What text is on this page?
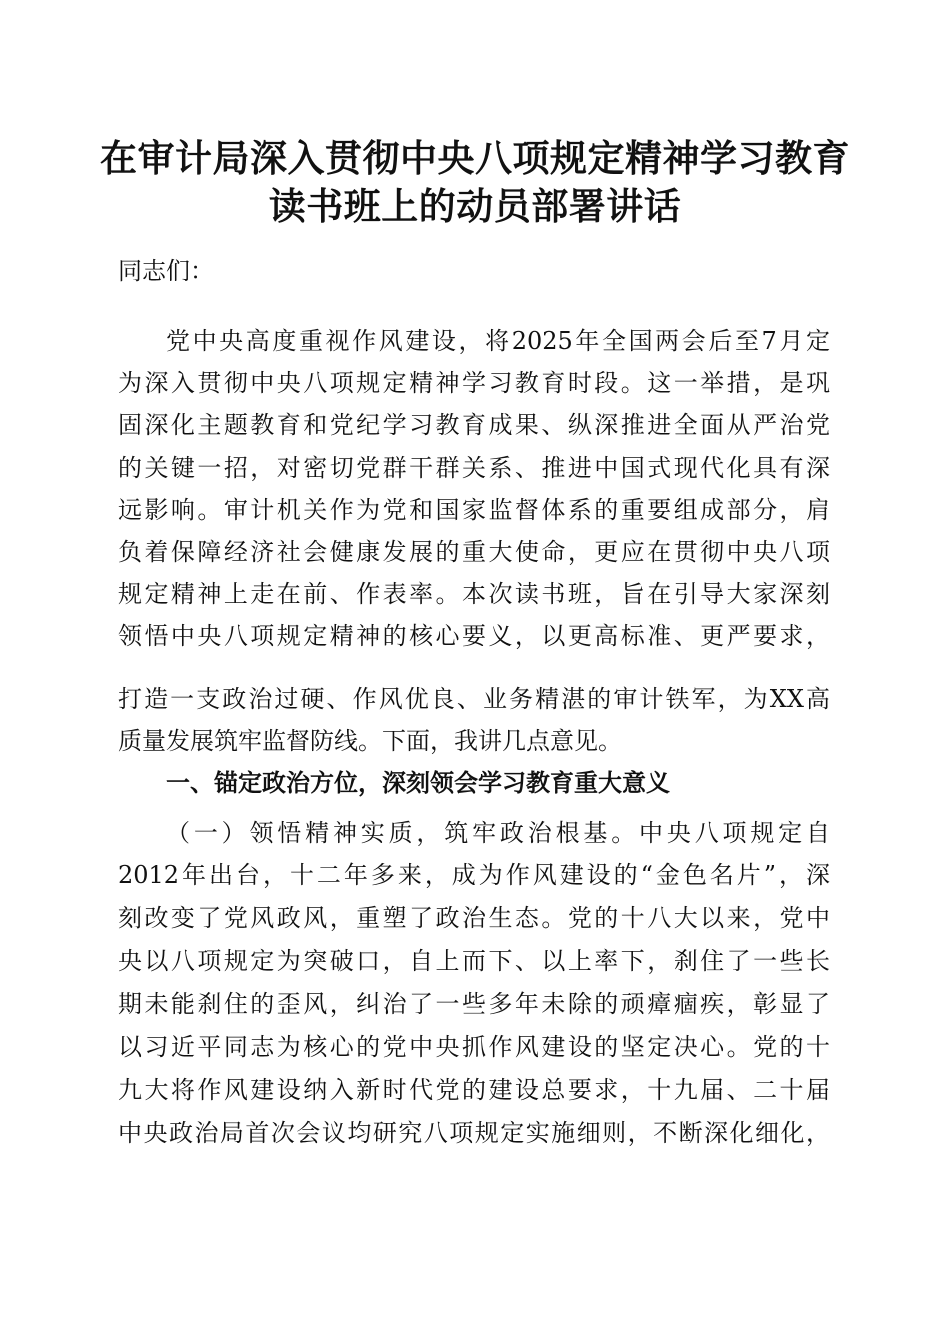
在审计局深入贯彻中央八项规定精神学习教育
读书班上的动员部署讲话
同志们：
党中央高度重视作风建设，将2025年全国两会后至7月定
为深入贯彻中央八项规定精神学习教育时段。这一举措，是巩
固深化主题教育和党纪学习教育成果、纵深推进全面从严治党
的关键一招，对密切党群干群关系、推进中国式现代化具有深
远影响。审计机关作为党和国家监督体系的重要组成部分，肩
负着保障经济社会健康发展的重大使命，更应在贯彻中央八项
规定精神上走在前、作表率。本次读书班，旨在引导大家深刻
领悟中央八项规定精神的核心要义，以更高标准、更严要求，
打造一支政治过硬、作风优良、业务精湛的审计铁军，为XX高
质量发展筑牢监督防线。下面，我讲几点意见。
一、锚定政治方位，深刻领会学习教育重大意义
（一）领悟精神实质，筑牢政治根基。中央八项规定自
2012年出台，十二年多来，成为作风建设的“金色名片”，深
刻改变了党风政风，重塑了政治生态。党的十八大以来，党中
央以八项规定为突破口，自上而下、以上率下，刹住了一些长
期未能刹住的歪风，纠治了一些多年未除的顽瘴痼疾，彰显了
以习近平同志为核心的党中央抓作风建设的坚定决心。党的十
九大将作风建设纳入新时代党的建设总要求，十九届、二十届
中央政治局首次会议均研究八项规定实施细则，不断深化细化，
